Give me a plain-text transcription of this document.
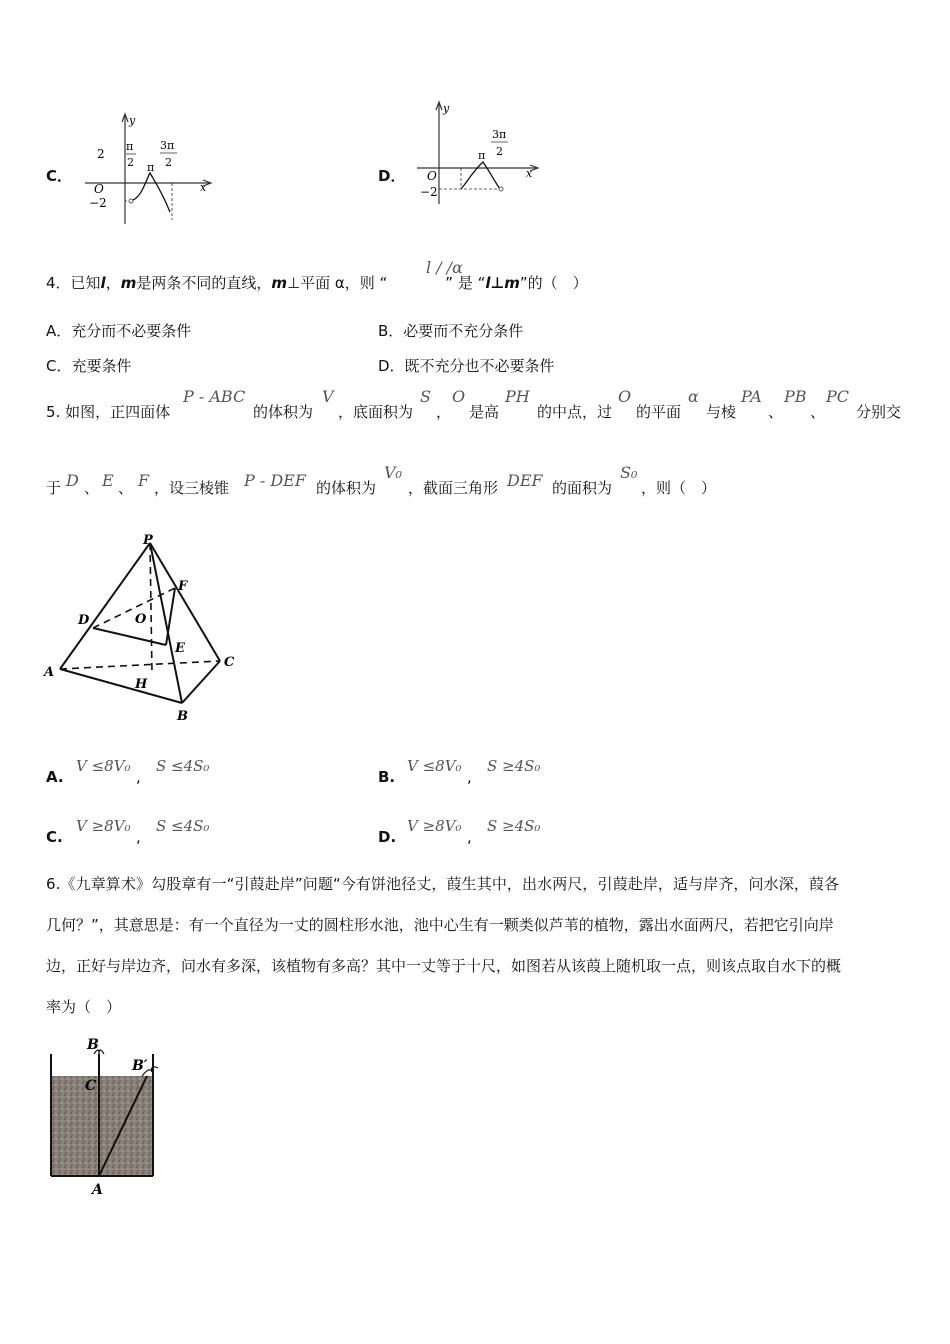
C．
y
x
O
2
−2
π
2 π
3π
2
D．
y
x
O
−2
π
3π
2
4．已知l，m是两条不同的直线，m⊥平面 α，则 “	” 是 “l⊥m”的（　）
l / /α
A．充分而不必要条件	B．必要而不充分条件
C．充要条件	D．既不充分也不必要条件
5. 如图，正四面体
P - ABC
的体积为
V
，底面积为
S
，
O
是高
PH
的中点，过
O
的平面
α
与棱
PA
、
PB
、
PC
分别交
于 D 、 E 、 F ，设三棱锥 P - DEF 的体积为
V₀
，截面三角形 DEF 的面积为
S₀
，则（　）
P
F
D	O
E
A
C
H
B
A.
V ≤8V₀
,
S ≤4S₀
B.
V ≤8V₀
,
S ≥4S₀
C.
V ≥8V₀
,
S ≤4S₀
D.
V ≥8V₀
,
S ≥4S₀
6.《九章算术》勾股章有一“引葭赴岸”问题“今有饼池径丈，葭生其中，出水两尺，引葭赴岸，适与岸齐，问水深，葭各
几何？”，其意思是：有一个直径为一丈的圆柱形水池，池中心生有一颗类似芦苇的植物，露出水面两尺，若把它引向岸
边，正好与岸边齐，问水有多深，该植物有多高？其中一丈等于十尺，如图若从该葭上随机取一点，则该点取自水下的概
率为（　）
B
C
B′
A
